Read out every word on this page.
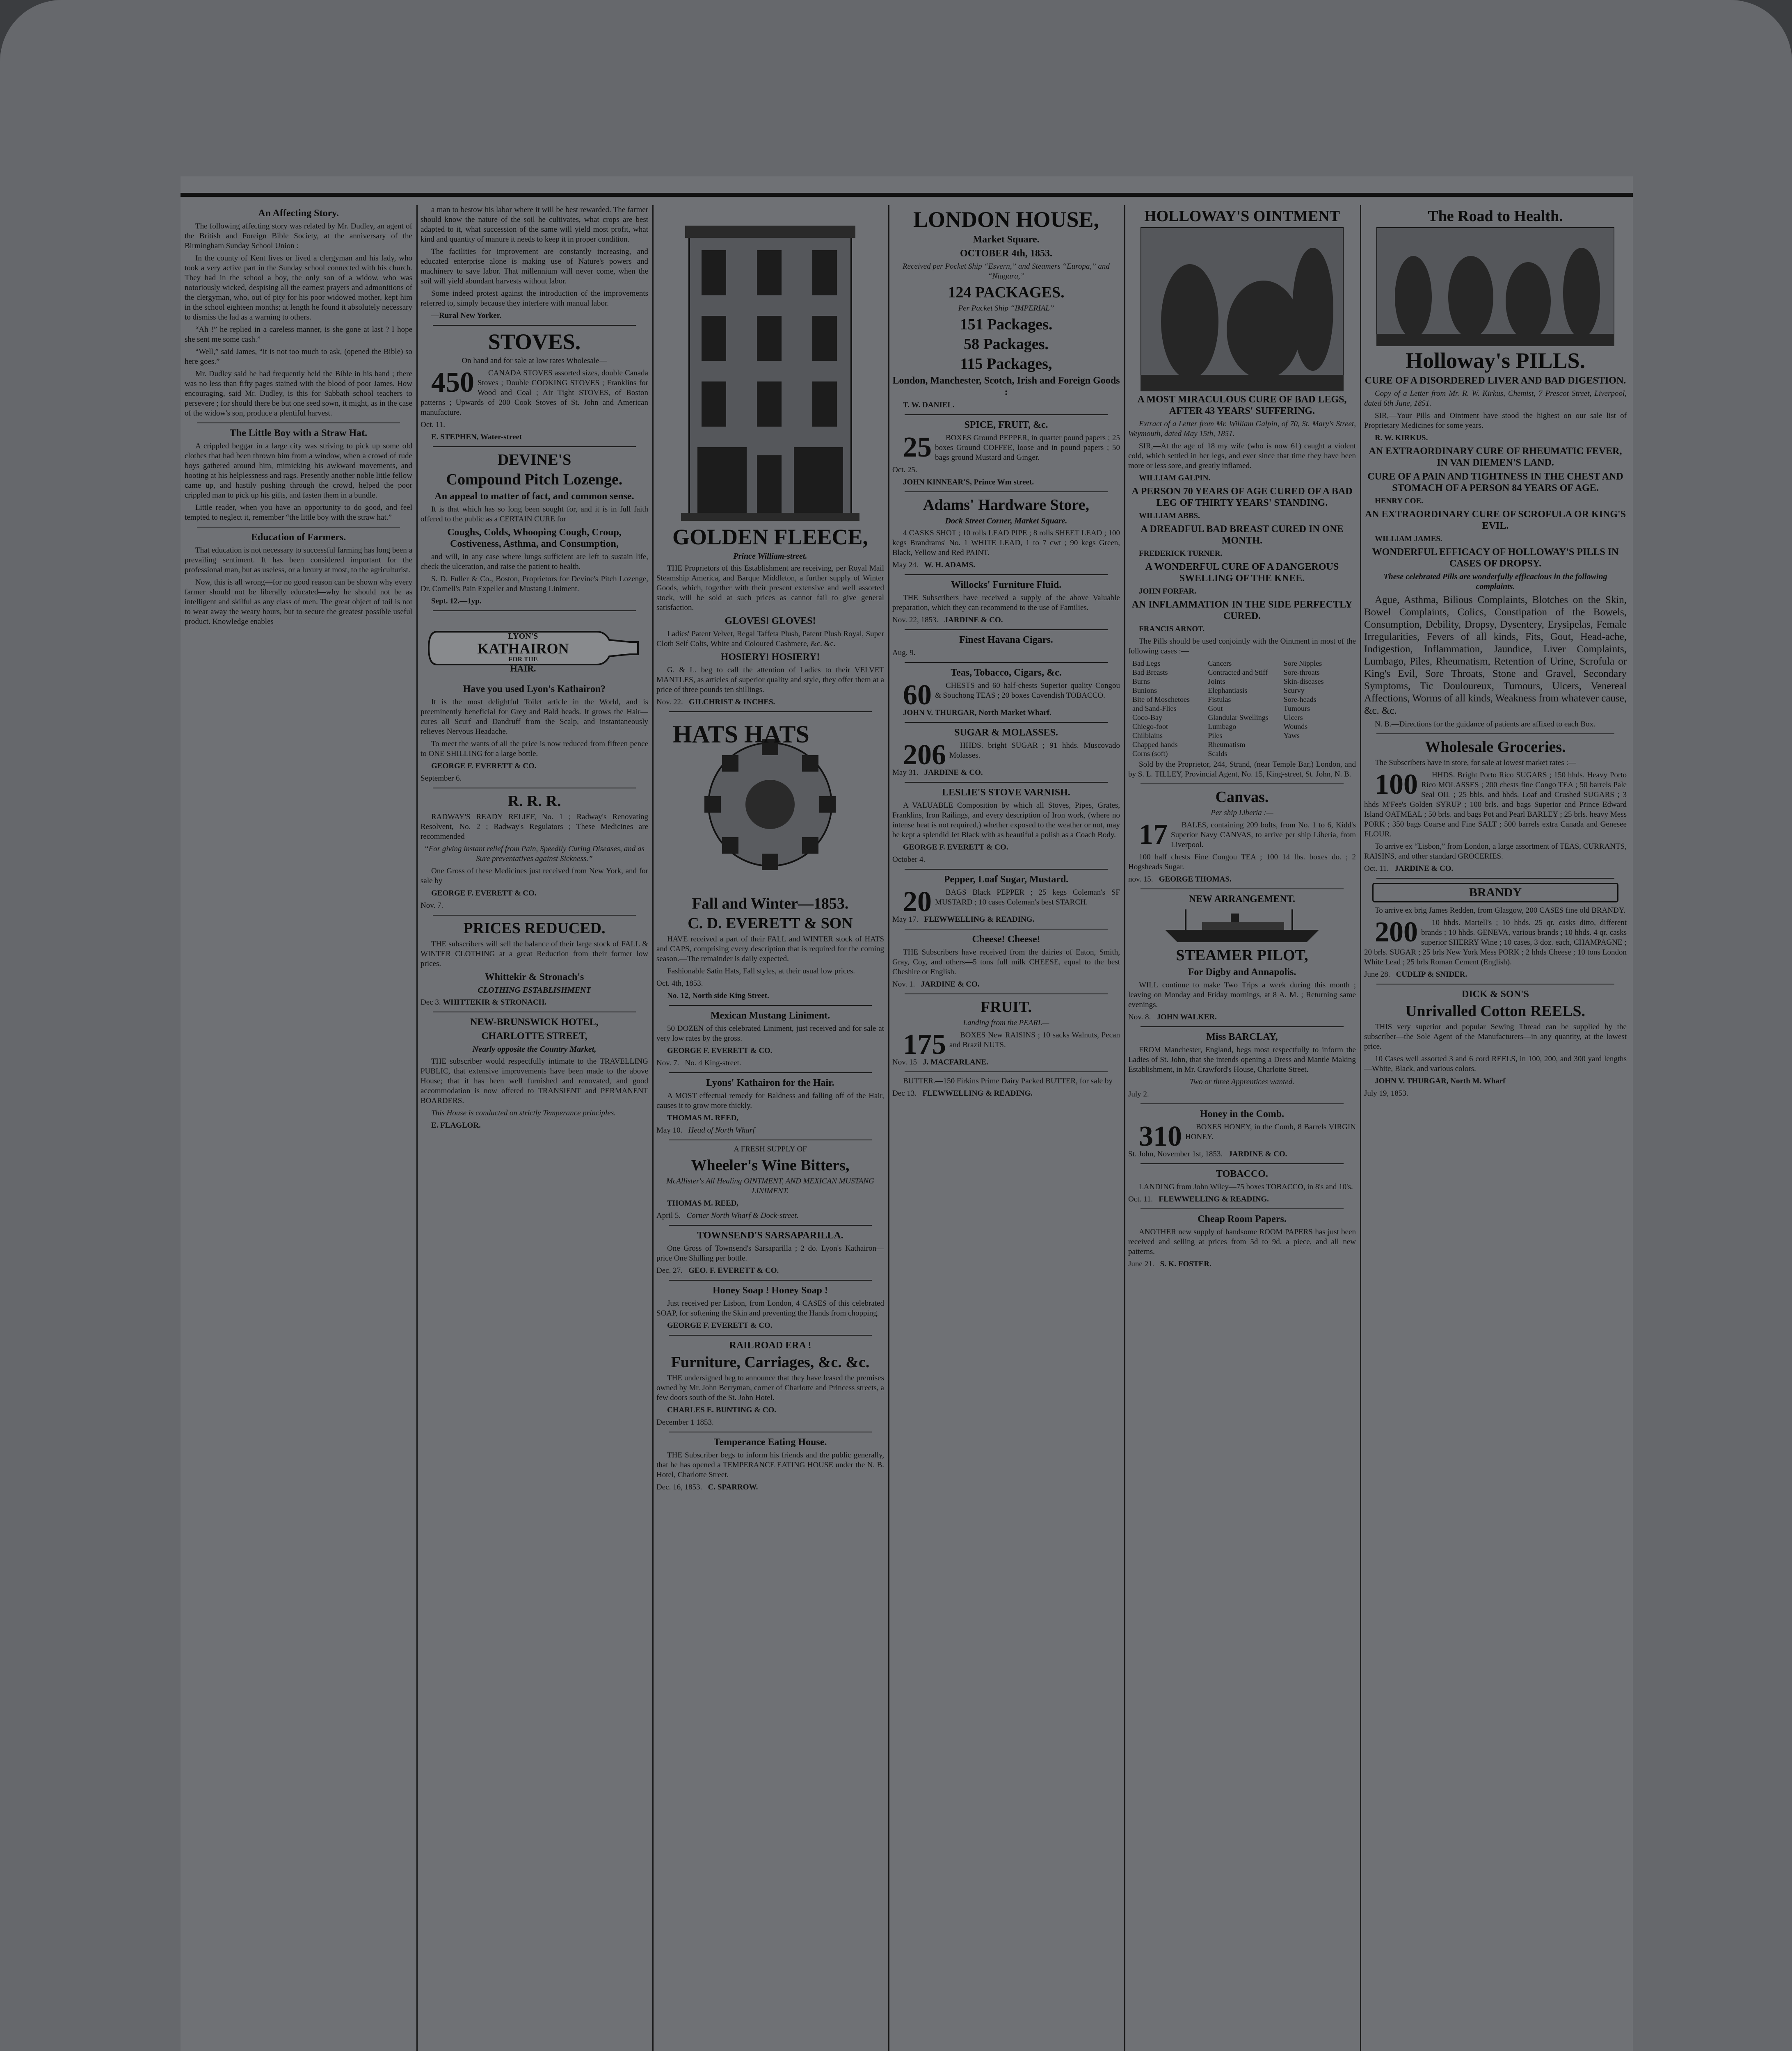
An Affecting Story.

The following affecting story was related by Mr. Dudley, an agent of the British and Foreign Bible Society, at the anniversary of the Birmingham Sunday School Union :

In the county of Kent lives or lived a clergyman and his lady, who took a very active part in the Sunday school connected with his church. They had in the school a boy, the only son of a widow, who was notoriously wicked, despising all the earnest prayers and admonitions of the clergyman, who, out of pity for his poor widowed mother, kept him in the school eighteen months; at length he found it absolutely necessary to dismiss the lad as a warning to others.

“Ah !” he replied in a careless manner, is she gone at last ? I hope she sent me some cash.”

“Well,” said James, “it is not too much to ask, (opened the Bible) so here goes.”

Mr. Dudley said he had frequently held the Bible in his hand ; there was no less than fifty pages stained with the blood of poor James. How encouraging, said Mr. Dudley, is this for Sabbath school teachers to persevere ; for should there be but one seed sown, it might, as in the case of the widow's son, produce a plentiful harvest.

The Little Boy with a Straw Hat.

A crippled beggar in a large city was striving to pick up some old clothes that had been thrown him from a window, when a crowd of rude boys gathered around him, mimicking his awkward movements, and hooting at his helplessness and rags. Presently another noble little fellow came up, and hastily pushing through the crowd, helped the poor crippled man to pick up his gifts, and fasten them in a bundle.

Little reader, when you have an opportunity to do good, and feel tempted to neglect it, remember “the little boy with the straw hat.”

Education of Farmers.

That education is not necessary to successful farming has long been a prevailing sentiment. It has been considered important for the professional man, but as useless, or a luxury at most, to the agriculturist.

Now, this is all wrong—for no good reason can be shown why every farmer should not be liberally educated—why he should not be as intelligent and skilful as any class of men. The great object of toil is not to wear away the weary hours, but to secure the greatest possible useful product. Knowledge enables

a man to bestow his labor where it will be best rewarded. The farmer should know the nature of the soil he cultivates, what crops are best adapted to it, what succession of the same will yield most profit, what kind and quantity of manure it needs to keep it in proper condition.

The facilities for improvement are constantly increasing, and educated enterprise alone is making use of Nature's powers and machinery to save labor. That millennium will never come, when the soil will yield abundant harvests without labor.

Some indeed protest against the introduction of the improvements referred to, simply because they interfere with manual labor.

—Rural New Yorker.

STOVES.

On hand and for sale at low rates Wholesale—

450 CANADA STOVES assorted sizes, double Canada Stoves ; Double COOKING STOVES ; Franklins for Wood and Coal ; Air Tight STOVES, of Boston patterns ; Upwards of 200 Cook Stoves of St. John and American manufacture.

Oct. 11.

E. STEPHEN, Water-street

DEVINE'S
Compound Pitch Lozenge.
An appeal to matter of fact, and common sense.

It is that which has so long been sought for, and it is in full faith offered to the public as a CERTAIN CURE for

Coughs, Colds, Whooping Cough, Croup, Costiveness, Asthma, and Consumption,

and will, in any case where lungs sufficient are left to sustain life, check the ulceration, and raise the patient to health.

S. D. Fuller & Co., Boston, Proprietors for Devine's Pitch Lozenge, Dr. Cornell's Pain Expeller and Mustang Liniment.

Sept. 12.—1yp.

LYON'S
KATHAIRON
FOR THE
HAIR.
Have you used Lyon's Kathairon?

It is the most delightful Toilet article in the World, and is preeminently beneficial for Grey and Bald heads. It grows the Hair—cures all Scurf and Dandruff from the Scalp, and instantaneously relieves Nervous Headache.

To meet the wants of all the price is now reduced from fifteen pence to ONE SHILLING for a large bottle.

GEORGE F. EVERETT & CO.

September 6.

R. R. R.

RADWAY'S READY RELIEF, No. 1 ; Radway's Renovating Resolvent, No. 2 ; Radway's Regulators ; These Medicines are recommended

“For giving instant relief from Pain, Speedily Curing Diseases, and as Sure preventatives against Sickness.”

One Gross of these Medicines just received from New York, and for sale by

GEORGE F. EVERETT & CO.

Nov. 7.

PRICES REDUCED.

THE subscribers will sell the balance of their large stock of FALL & WINTER CLOTHING at a great Reduction from their former low prices.

Whittekir & Stronach's
CLOTHING ESTABLISHMENT

Dec 3. WHITTEKIR & STRONACH.

NEW-BRUNSWICK HOTEL,
CHARLOTTE STREET,
Nearly opposite the Country Market,

THE subscriber would respectfully intimate to the TRAVELLING PUBLIC, that extensive improvements have been made to the above House; that it has been well furnished and renovated, and good accommodation is now offered to TRANSIENT and PERMANENT BOARDERS.

This House is conducted on strictly Temperance principles.

E. FLAGLOR.

GOLDEN FLEECE,
Prince William-street.

THE Proprietors of this Establishment are receiving, per Royal Mail Steamship America, and Barque Middleton, a further supply of Winter Goods, which, together with their present extensive and well assorted stock, will be sold at such prices as cannot fail to give general satisfaction.

GLOVES! GLOVES!

Ladies' Patent Velvet, Regal Taffeta Plush, Patent Plush Royal, Super Cloth Self Colts, White and Coloured Cashmere, &c. &c.

HOSIERY! HOSIERY!

G. & L. beg to call the attention of Ladies to their VELVET MANTLES, as articles of superior quality and style, they offer them at a price of three pounds ten shillings.

Nov. 22. GILCHRIST & INCHES.

HATS HATS
Fall and Winter—1853.
C. D. EVERETT & SON

HAVE received a part of their FALL and WINTER stock of HATS and CAPS, comprising every description that is required for the coming season.—The remainder is daily expected.

Fashionable Satin Hats, Fall styles, at their usual low prices.

Oct. 4th, 1853.

No. 12, North side King Street.

Mexican Mustang Liniment.

50 DOZEN of this celebrated Liniment, just received and for sale at very low rates by the gross.

GEORGE F. EVERETT & CO.

Nov. 7. No. 4 King-street.

Lyons' Kathairon for the Hair.

A MOST effectual remedy for Baldness and falling off of the Hair, causes it to grow more thickly.

THOMAS M. REED,

May 10. Head of North Wharf

A FRESH SUPPLY OF

Wheeler's Wine Bitters,

McAllister's All Healing OINTMENT, AND MEXICAN MUSTANG LINIMENT.

THOMAS M. REED,

April 5. Corner North Wharf & Dock-street.

TOWNSEND'S SARSAPARILLA.

One Gross of Townsend's Sarsaparilla ; 2 do. Lyon's Kathairon—price One Shilling per bottle.

Dec. 27. GEO. F. EVERETT & CO.

Honey Soap ! Honey Soap !

Just received per Lisbon, from London, 4 CASES of this celebrated SOAP, for softening the Skin and preventing the Hands from chopping.

GEORGE F. EVERETT & CO.

RAILROAD ERA !
Furniture, Carriages, &c. &c.

THE undersigned beg to announce that they have leased the premises owned by Mr. John Berryman, corner of Charlotte and Princess streets, a few doors south of the St. John Hotel.

CHARLES E. BUNTING & CO.

December 1 1853.

Temperance Eating House.

THE Subscriber begs to inform his friends and the public generally, that he has opened a TEMPERANCE EATING HOUSE under the N. B. Hotel, Charlotte Street.

Dec. 16, 1853. C. SPARROW.

LONDON HOUSE,
Market Square.
OCTOBER 4th, 1853.

Received per Pocket Ship “Esvern,” and Steamers “Europa,” and “Niagara,”

124 PACKAGES.

Per Packet Ship “IMPERIAL”

151 Packages.
58 Packages.
115 Packages,
London, Manchester, Scotch, Irish and Foreign Goods :

T. W. DANIEL.

SPICE, FRUIT, &c.

25 BOXES Ground PEPPER, in quarter pound papers ; 25 boxes Ground COFFEE, loose and in pound papers ; 50 bags ground Mustard and Ginger.

Oct. 25.

JOHN KINNEAR'S, Prince Wm street.

Adams' Hardware Store,
Dock Street Corner, Market Square.

4 CASKS SHOT ; 10 rolls LEAD PIPE ; 8 rolls SHEET LEAD ; 100 kegs Brandrams' No. 1 WHITE LEAD, 1 to 7 cwt ; 90 kegs Green, Black, Yellow and Red PAINT.

May 24. W. H. ADAMS.

Willocks' Furniture Fluid.

THE Subscribers have received a supply of the above Valuable preparation, which they can recommend to the use of Families.

Nov. 22, 1853. JARDINE & CO.

Finest Havana Cigars.

Aug. 9.

Teas, Tobacco, Cigars, &c.

60 CHESTS and 60 half-chests Superior quality Congou & Souchong TEAS ; 20 boxes Cavendish TOBACCO.

JOHN V. THURGAR, North Market Wharf.

SUGAR & MOLASSES.

206 HHDS. bright SUGAR ; 91 hhds. Muscovado Molasses.

May 31. JARDINE & CO.

LESLIE'S STOVE VARNISH.

A VALUABLE Composition by which all Stoves, Pipes, Grates, Franklins, Iron Railings, and every description of Iron work, (where no intense heat is not required,) whether exposed to the weather or not, may be kept a splendid Jet Black with as beautiful a polish as a Coach Body.

GEORGE F. EVERETT & CO.

October 4.

Pepper, Loaf Sugar, Mustard.

20 BAGS Black PEPPER ; 25 kegs Coleman's SF MUSTARD ; 10 cases Coleman's best STARCH.

May 17. FLEWWELLING & READING.

Cheese! Cheese!

THE Subscribers have received from the dairies of Eaton, Smith, Gray, Coy, and others—5 tons full milk CHEESE, equal to the best Cheshire or English.

Nov. 1. JARDINE & CO.

FRUIT.

Landing from the PEARL—

175 BOXES New RAISINS ; 10 sacks Walnuts, Pecan and Brazil NUTS.

Nov. 15 J. MACFARLANE.

BUTTER.—150 Firkins Prime Dairy Packed BUTTER, for sale by

Dec 13. FLEWWELLING & READING.

HOLLOWAY'S OINTMENT
A MOST MIRACULOUS CURE OF BAD LEGS, AFTER 43 YEARS' SUFFERING.

Extract of a Letter from Mr. William Galpin, of 70, St. Mary's Street, Weymouth, dated May 15th, 1851.

SIR,—At the age of 18 my wife (who is now 61) caught a violent cold, which settled in her legs, and ever since that time they have been more or less sore, and greatly inflamed.

WILLIAM GALPIN.

A PERSON 70 YEARS OF AGE CURED OF A BAD LEG OF THIRTY YEARS' STANDING.

WILLIAM ABBS.

A DREADFUL BAD BREAST CURED IN ONE MONTH.

FREDERICK TURNER.

A WONDERFUL CURE OF A DANGEROUS SWELLING OF THE KNEE.

JOHN FORFAR.

AN INFLAMMATION IN THE SIDE PERFECTLY CURED.

FRANCIS ARNOT.

The Pills should be used conjointly with the Ointment in most of the following cases :—

Bad Legs
Bad Breasts
Burns
Bunions
Bite of Moschetoes and Sand-Flies
Coco-Bay
Chiego-foot
Chilblains
Chapped hands
Corns (soft)
Cancers
Contracted and Stiff Joints
Elephantiasis
Fistulas
Gout
Glandular Swellings
Lumbago
Piles
Rheumatism
Scalds
Sore Nipples
Sore-throats
Skin-diseases
Scurvy
Sore-heads
Tumours
Ulcers
Wounds
Yaws

Sold by the Proprietor, 244, Strand, (near Temple Bar,) London, and by S. L. TILLEY, Provincial Agent, No. 15, King-street, St. John, N. B.

Canvas.

Per ship Liberia :—

17 BALES, containing 209 bolts, from No. 1 to 6, Kidd's Superior Navy CANVAS, to arrive per ship Liberia, from Liverpool.

100 half chests Fine Congou TEA ; 100 14 lbs. boxes do. ; 2 Hogsheads Sugar.

nov. 15. GEORGE THOMAS.

NEW ARRANGEMENT.
STEAMER PILOT,
For Digby and Annapolis.

WILL continue to make Two Trips a week during this month ; leaving on Monday and Friday mornings, at 8 A. M. ; Returning same evenings.

Nov. 8. JOHN WALKER.

Miss BARCLAY,

FROM Manchester, England, begs most respectfully to inform the Ladies of St. John, that she intends opening a Dress and Mantle Making Establishment, in Mr. Crawford's House, Charlotte Street.

Two or three Apprentices wanted.

July 2.

Honey in the Comb.

310 BOXES HONEY, in the Comb, 8 Barrels VIRGIN HONEY.

St. John, November 1st, 1853. JARDINE & CO.

TOBACCO.

LANDING from John Wiley—75 boxes TOBACCO, in 8's and 10's.

Oct. 11. FLEWWELLING & READING.

Cheap Room Papers.

ANOTHER new supply of handsome ROOM PAPERS has just been received and selling at prices from 5d to 9d. a piece, and all new patterns.

June 21. S. K. FOSTER.

The Road to Health.
Holloway's PILLS.
CURE OF A DISORDERED LIVER AND BAD DIGESTION.

Copy of a Letter from Mr. R. W. Kirkus, Chemist, 7 Prescot Street, Liverpool, dated 6th June, 1851.

SIR,—Your Pills and Ointment have stood the highest on our sale list of Proprietary Medicines for some years.

R. W. KIRKUS.

AN EXTRAORDINARY CURE OF RHEUMATIC FEVER, IN VAN DIEMEN'S LAND.
CURE OF A PAIN AND TIGHTNESS IN THE CHEST AND STOMACH OF A PERSON 84 YEARS OF AGE.

HENRY COE.

AN EXTRAORDINARY CURE OF SCROFULA OR KING'S EVIL.

WILLIAM JAMES.

WONDERFUL EFFICACY OF HOLLOWAY'S PILLS IN CASES OF DROPSY.
These celebrated Pills are wonderfully efficacious in the following complaints.

Ague, Asthma, Bilious Complaints, Blotches on the Skin, Bowel Complaints, Colics, Constipation of the Bowels, Consumption, Debility, Dropsy, Dysentery, Erysipelas, Female Irregularities, Fevers of all kinds, Fits, Gout, Head-ache, Indigestion, Inflammation, Jaundice, Liver Complaints, Lumbago, Piles, Rheumatism, Retention of Urine, Scrofula or King's Evil, Sore Throats, Stone and Gravel, Secondary Symptoms, Tic Douloureux, Tumours, Ulcers, Venereal Affections, Worms of all kinds, Weakness from whatever cause, &c. &c.

N. B.—Directions for the guidance of patients are affixed to each Box.

Wholesale Groceries.

The Subscribers have in store, for sale at lowest market rates :—

100 HHDS. Bright Porto Rico SUGARS ; 150 hhds. Heavy Porto Rico MOLASSES ; 200 chests fine Congo TEA ; 50 barrels Pale Seal OIL ; 25 bbls. and hhds. Loaf and Crushed SUGARS ; 3 hhds M'Fee's Golden SYRUP ; 100 brls. and bags Superior and Prince Edward Island OATMEAL ; 50 brls. and bags Pot and Pearl BARLEY ; 25 brls. heavy Mess PORK ; 350 bags Coarse and Fine SALT ; 500 barrels extra Canada and Genesee FLOUR.

To arrive ex “Lisbon,” from London, a large assortment of TEAS, CURRANTS, RAISINS, and other standard GROCERIES.

Oct. 11. JARDINE & CO.

BRANDY

To arrive ex brig James Redden, from Glasgow, 200 CASES fine old BRANDY.

200 10 hhds. Martell's ; 10 hhds. 25 qr. casks ditto, different brands ; 10 hhds. GENEVA, various brands ; 10 hhds. 4 qr. casks superior SHERRY Wine ; 10 cases, 3 doz. each, CHAMPAGNE ; 20 brls. SUGAR ; 25 brls New York Mess PORK ; 2 hhds Cheese ; 10 tons London White Lead ; 25 brls Roman Cement (English).

June 28. CUDLIP & SNIDER.

DICK & SON'S
Unrivalled Cotton REELS.

THIS very superior and popular Sewing Thread can be supplied by the subscriber—the Sole Agent of the Manufacturers—in any quantity, at the lowest price.

10 Cases well assorted 3 and 6 cord REELS, in 100, 200, and 300 yard lengths—White, Black, and various colors.

JOHN V. THURGAR, North M. Wharf

July 19, 1853.
